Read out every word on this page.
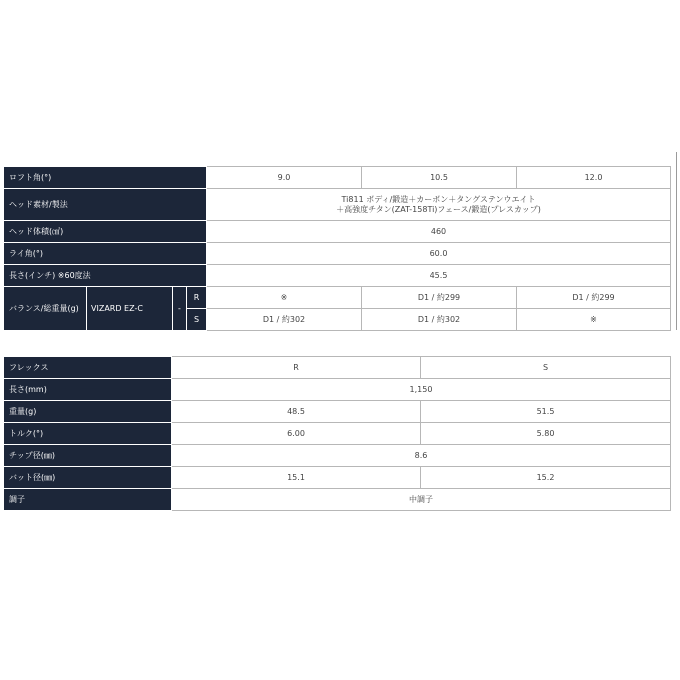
ロフト角(°)				9.0	10.5	12.0
ヘッド素材/製法				Ti811 ボディ/鍛造＋カーボン＋タングステンウエイト
＋高強度チタン(ZAT-158Ti)フェース/鍛造(プレスカップ)		

ヘッド体積(㎤)				460		
ライ角(°)				60.0		
長さ(インチ) ※60度法				45.5		
バランス/総重量(g)	VIZARD EZ-C	-	R	※	D1 / 約299	D1 / 約299
			S	D1 / 約302	D1 / 約302	※
フレックス	R	S
長さ(mm)	1,150	
重量(g)	48.5	51.5
トルク(°)	6.00	5.80
チップ径(㎜)	8.6	
バット径(㎜)	15.1	15.2
調子	中調子	
